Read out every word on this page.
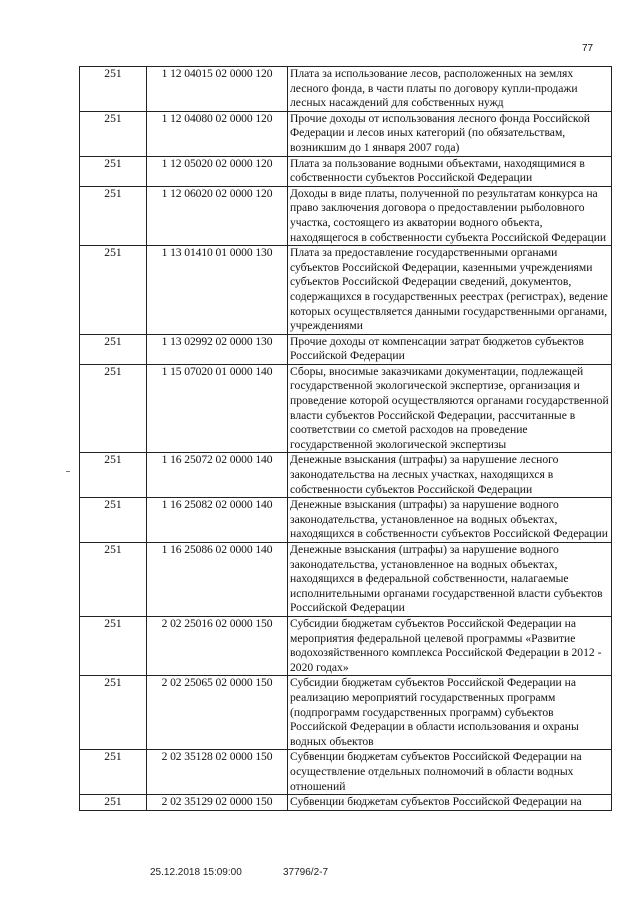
77
251	1 12 04015 02 0000 120	Плата за использование лесов, расположенных на землях лесного фонда, в части платы по договору купли-продажи лесных насаждений для собственных нужд
251	1 12 04080 02 0000 120	Прочие доходы от использования лесного фонда Российской Федерации и лесов иных категорий (по обязательствам, возникшим до 1 января 2007 года)
251	1 12 05020 02 0000 120	Плата за пользование водными объектами, находящимися в собственности субъектов Российской Федерации
251	1 12 06020 02 0000 120	Доходы в виде платы, полученной по результатам конкурса на право заключения договора о предоставлении рыболовного участка, состоящего из акватории водного объекта, находящегося в собственности субъекта Российской Федерации
251	1 13 01410 01 0000 130	Плата за предоставление государственными органами субъектов Российской Федерации, казенными учреждениями субъектов Российской Федерации сведений, документов, содержащихся в государственных реестрах (регистрах), ведение которых осуществляется данными государственными органами, учреждениями
251	1 13 02992 02 0000 130	Прочие доходы от компенсации затрат бюджетов субъектов Российской Федерации
251	1 15 07020 01 0000 140	Сборы, вносимые заказчиками документации, подлежащей государственной экологической экспертизе, организация и проведение которой осуществляются органами государственной власти субъектов Российской Федерации, рассчитанные в соответствии со сметой расходов на проведение государственной экологической экспертизы
251	1 16 25072 02 0000 140	Денежные взыскания (штрафы) за нарушение лесного законодательства на лесных участках, находящихся в собственности субъектов Российской Федерации
251	1 16 25082 02 0000 140	Денежные взыскания (штрафы) за нарушение водного законодательства, установленное на водных объектах, находящихся в собственности субъектов Российской Федерации
251	1 16 25086 02 0000 140	Денежные взыскания (штрафы) за нарушение водного законодательства, установленное на водных объектах, находящихся в федеральной собственности, налагаемые исполнительными органами государственной власти субъектов Российской Федерации
251	2 02 25016 02 0000 150	Субсидии бюджетам субъектов Российской Федерации на мероприятия федеральной целевой программы «Развитие водохозяйственного комплекса Российской Федерации в 2012 - 2020 годах»
251	2 02 25065 02 0000 150	Субсидии бюджетам субъектов Российской Федерации на реализацию мероприятий государственных программ (подпрограмм государственных программ) субъектов Российской Федерации в области использования и охраны водных объектов
251	2 02 35128 02 0000 150	Субвенции бюджетам субъектов Российской Федерации на осуществление отдельных полномочий в области водных отношений
251	2 02 35129 02 0000 150	Субвенции бюджетам субъектов Российской Федерации на
25.12.2018 15:09:00	37796/2-7
